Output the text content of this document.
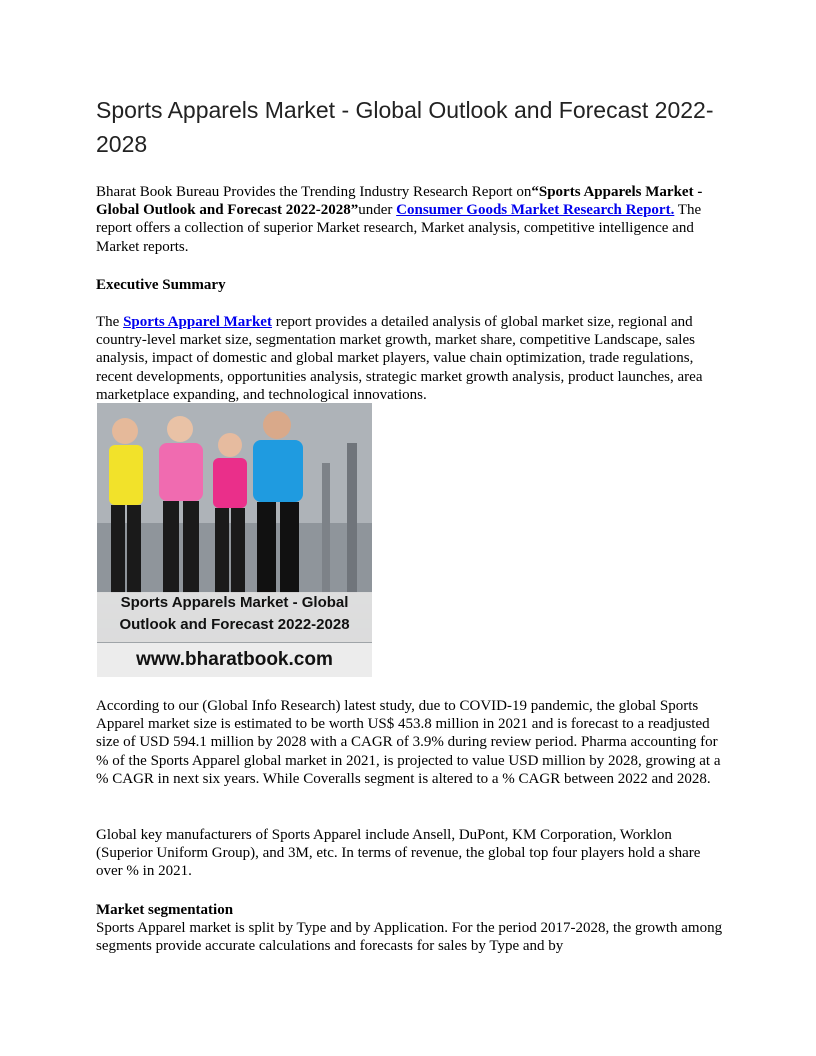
Sports Apparels Market - Global Outlook and Forecast 2022-2028
Bharat Book Bureau Provides the Trending Industry Research Report on“Sports Apparels Market - Global Outlook and Forecast 2022-2028”under Consumer Goods Market Research Report. The report offers a collection of superior Market research, Market analysis, competitive intelligence and Market reports.
Executive Summary
The Sports Apparel Market report provides a detailed analysis of global market size, regional and country-level market size, segmentation market growth, market share, competitive Landscape, sales analysis, impact of domestic and global market players, value chain optimization, trade regulations, recent developments, opportunities analysis, strategic market growth analysis, product launches, area marketplace expanding, and technological innovations.
Sports Apparels Market - Global Outlook and Forecast 2022-2028
www.bharatbook.com
According to our (Global Info Research) latest study, due to COVID-19 pandemic, the global Sports Apparel market size is estimated to be worth US$ 453.8 million in 2021 and is forecast to a readjusted size of USD 594.1 million by 2028 with a CAGR of 3.9% during review period. Pharma accounting for % of the Sports Apparel global market in 2021, is projected to value USD million by 2028, growing at a % CAGR in next six years. While Coveralls segment is altered to a % CAGR between 2022 and 2028.
Global key manufacturers of Sports Apparel include Ansell, DuPont, KM Corporation, Worklon (Superior Uniform Group), and 3M, etc. In terms of revenue, the global top four players hold a share over % in 2021.
Market segmentation
Sports Apparel market is split by Type and by Application. For the period 2017-2028, the growth among segments provide accurate calculations and forecasts for sales by Type and by
